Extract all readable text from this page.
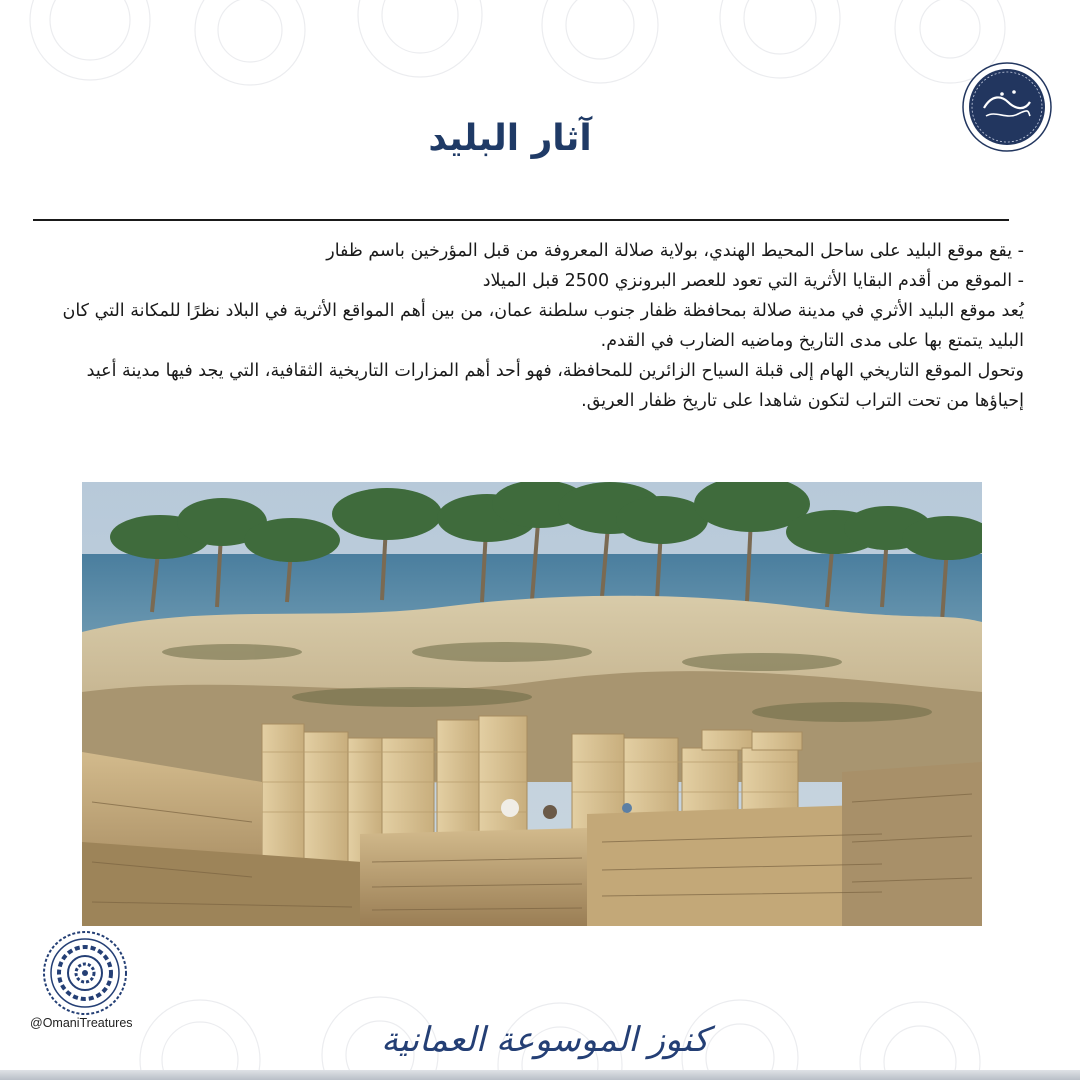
آثار البليد

- يقع موقع البليد على ساحل المحيط الهندي، بولاية صلالة المعروفة من قبل المؤرخين باسم ظفار

- الموقع من أقدم البقايا الأثرية التي تعود للعصر البرونزي 2500 قبل الميلاد

يُعد موقع البليد الأثري في مدينة صلالة بمحافظة ظفار جنوب سلطنة عمان، من بين أهم المواقع الأثرية في البلاد نظرًا للمكانة التي كان البليد يتمتع بها على مدى التاريخ وماضيه الضارب في القدم.

وتحول الموقع التاريخي الهام إلى قبلة السياح الزائرين للمحافظة، فهو أحد أهم المزارات التاريخية الثقافية، التي يجد فيها مدينة أعيد إحياؤها من تحت التراب لتكون شاهدا على تاريخ ظفار العريق.

@OmaniTreatures	كنوز الموسوعة العمانية
